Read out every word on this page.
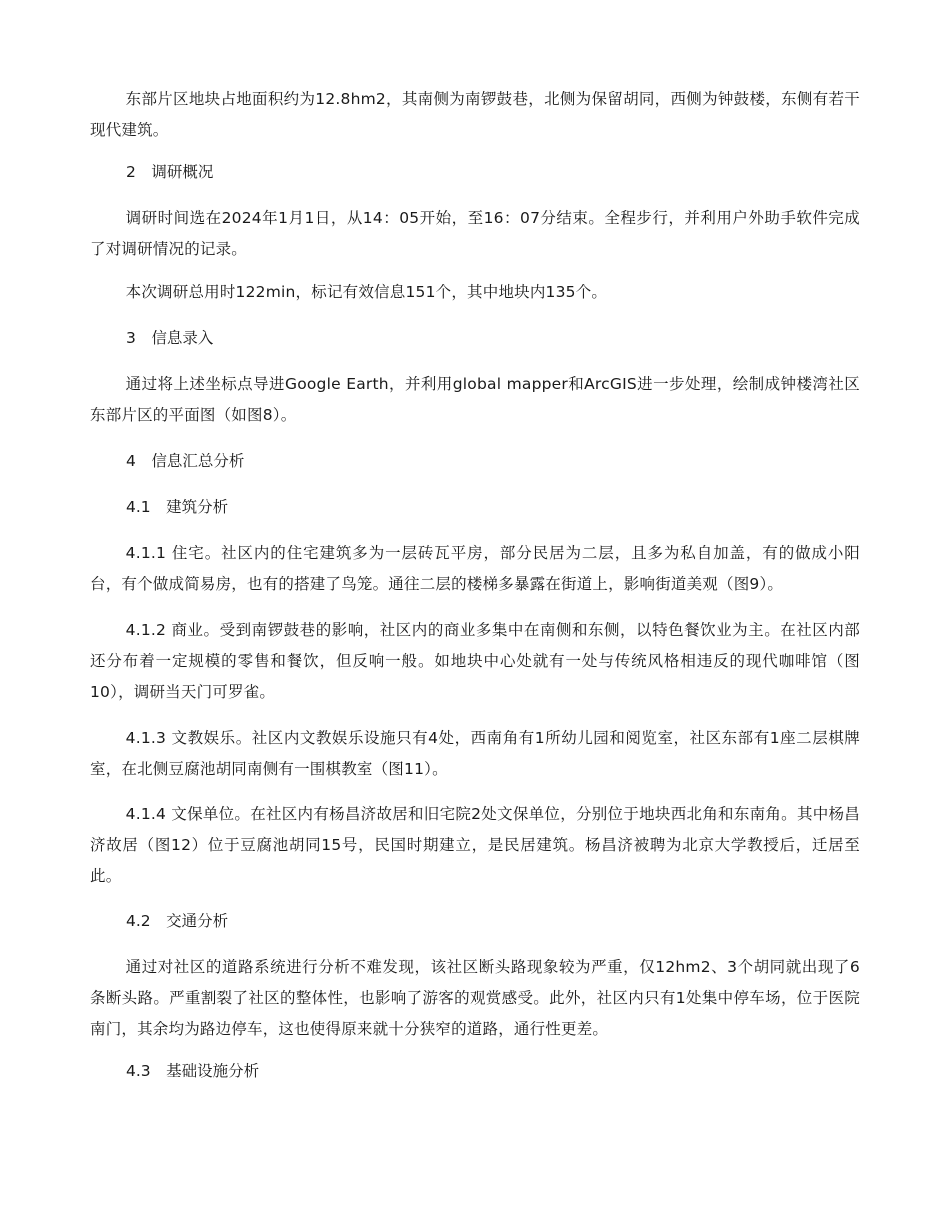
东部片区地块占地面积约为12.8hm2，其南侧为南锣鼓巷，北侧为保留胡同，西侧为钟鼓楼，东侧有若干现代建筑。

2　调研概况

调研时间选在2024年1月1日，从14：05开始，至16：07分结束。全程步行，并利用户外助手软件完成了对调研情况的记录。

本次调研总用时122min，标记有效信息151个，其中地块内135个。

3　信息录入

通过将上述坐标点导进Google Earth，并利用global mapper和ArcGIS进一步处理，绘制成钟楼湾社区东部片区的平面图（如图8）。

4　信息汇总分析

4.1　建筑分析

4.1.1 住宅。社区内的住宅建筑多为一层砖瓦平房，部分民居为二层，且多为私自加盖，有的做成小阳台，有个做成简易房，也有的搭建了鸟笼。通往二层的楼梯多暴露在街道上，影响街道美观（图9）。

4.1.2 商业。受到南锣鼓巷的影响，社区内的商业多集中在南侧和东侧，以特色餐饮业为主。在社区内部还分布着一定规模的零售和餐饮，但反响一般。如地块中心处就有一处与传统风格相违反的现代咖啡馆（图10），调研当天门可罗雀。

4.1.3 文教娱乐。社区内文教娱乐设施只有4处，西南角有1所幼儿园和阅览室，社区东部有1座二层棋牌室，在北侧豆腐池胡同南侧有一围棋教室（图11）。

4.1.4 文保单位。在社区内有杨昌济故居和旧宅院2处文保单位，分别位于地块西北角和东南角。其中杨昌济故居（图12）位于豆腐池胡同15号，民国时期建立，是民居建筑。杨昌济被聘为北京大学教授后，迁居至此。

4.2　交通分析

通过对社区的道路系统进行分析不难发现，该社区断头路现象较为严重，仅12hm2、3个胡同就出现了6条断头路。严重割裂了社区的整体性，也影响了游客的观赏感受。此外，社区内只有1处集中停车场，位于医院南门，其余均为路边停车，这也使得原来就十分狭窄的道路，通行性更差。

4.3　基础设施分析
